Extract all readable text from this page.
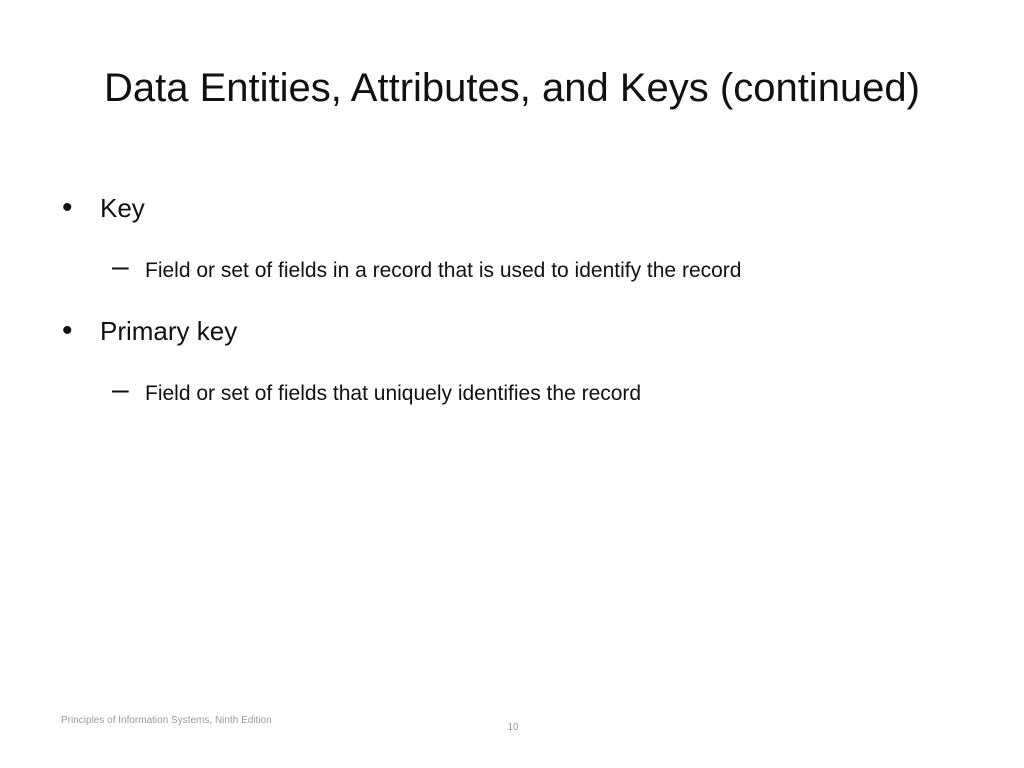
Data Entities, Attributes, and Keys (continued)
• Key
– Field or set of fields in a record that is used to identify the record
• Primary key
– Field or set of fields that uniquely identifies the record
Principles of Information Systems, Ninth Edition
10
